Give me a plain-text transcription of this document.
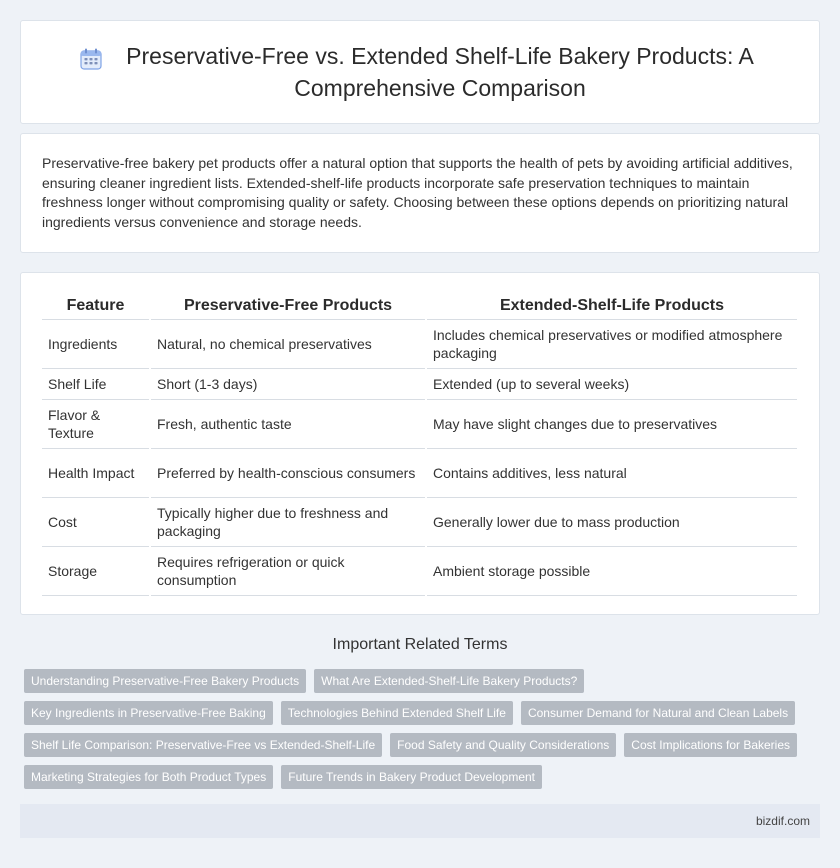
Preservative-Free vs. Extended Shelf-Life Bakery Products: A Comprehensive Comparison

Preservative-free bakery pet products offer a natural option that supports the health of pets by avoiding artificial additives, ensuring cleaner ingredient lists. Extended-shelf-life products incorporate safe preservation techniques to maintain freshness longer without compromising quality or safety. Choosing between these options depends on prioritizing natural ingredients versus convenience and storage needs.

Feature	Preservative-Free Products	Extended-Shelf-Life Products
Ingredients	Natural, no chemical preservatives	Includes chemical preservatives or modified atmosphere packaging
Shelf Life	Short (1-3 days)	Extended (up to several weeks)
Flavor & Texture	Fresh, authentic taste	May have slight changes due to preservatives
Health Impact	Preferred by health-conscious consumers	Contains additives, less natural
Cost	Typically higher due to freshness and packaging	Generally lower due to mass production
Storage	Requires refrigeration or quick consumption	Ambient storage possible
Important Related Terms
Understanding Preservative-Free Bakery Products	What Are Extended-Shelf-Life Bakery Products?
Key Ingredients in Preservative-Free Baking	Technologies Behind Extended Shelf Life	Consumer Demand for Natural and Clean Labels
Shelf Life Comparison: Preservative-Free vs Extended-Shelf-Life	Food Safety and Quality Considerations	Cost Implications for Bakeries
Marketing Strategies for Both Product Types	Future Trends in Bakery Product Development
bizdif.com
